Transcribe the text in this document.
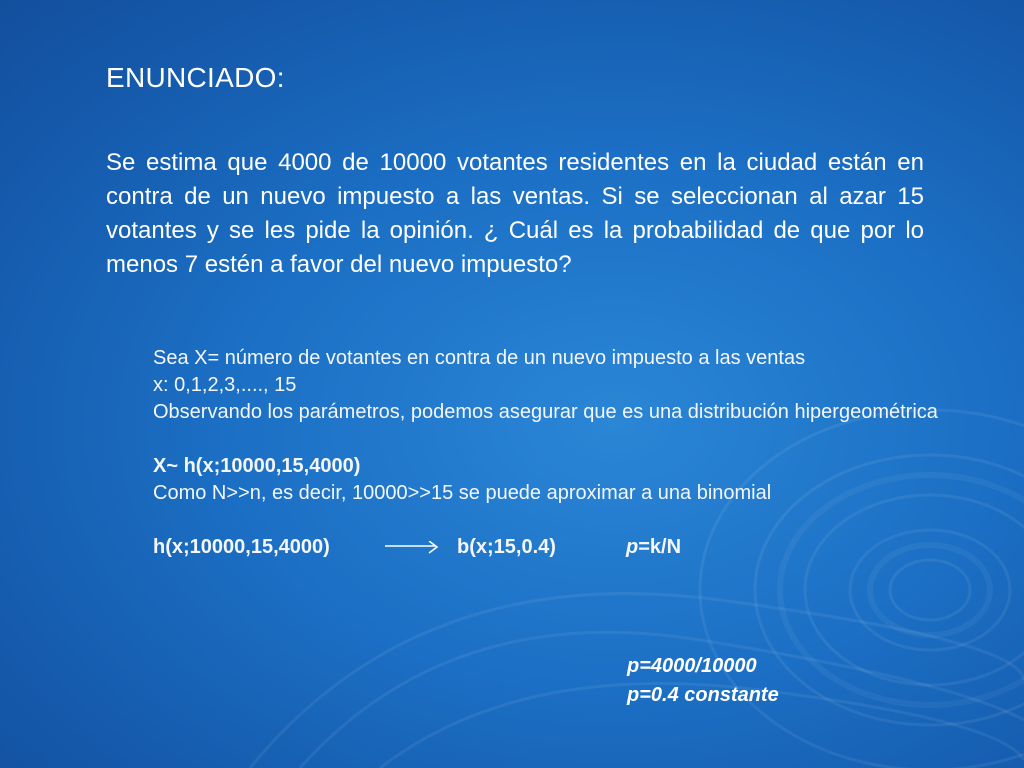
ENUNCIADO:

Se estima que 4000 de 10000 votantes residentes en la ciudad están en contra de un nuevo impuesto a las ventas. Si se seleccionan al azar 15 votantes y se les pide la opinión. ¿ Cuál es la probabilidad de que por lo menos 7 estén a favor del nuevo impuesto?

Sea X= número de votantes en contra de un nuevo impuesto a las ventas

x: 0,1,2,3,...., 15

Observando los parámetros, podemos asegurar que es una distribución hipergeométrica

X~ h(x;10000,15,4000)

Como N>>n, es decir, 10000>>15 se puede aproximar a una binomial

h(x;10000,15,4000)	b(x;15,0.4)	p=k/N
p=4000/10000
p=0.4 constante
